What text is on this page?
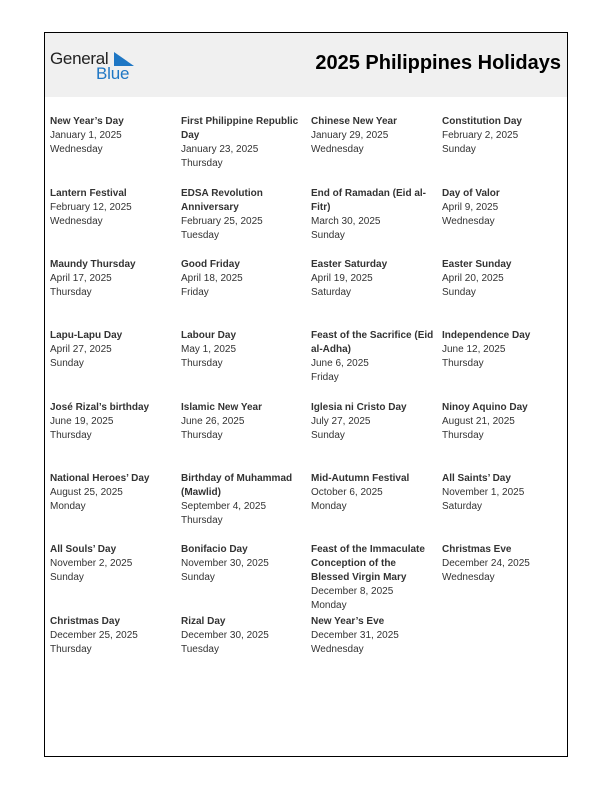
General
Blue	2025 Philippines Holidays
New Year’s Day
January 1, 2025
Wednesday
First Philippine Republic Day
January 23, 2025
Thursday
Chinese New Year
January 29, 2025
Wednesday
Constitution Day
February 2, 2025
Sunday
Lantern Festival
February 12, 2025
Wednesday
EDSA Revolution Anniversary
February 25, 2025
Tuesday
End of Ramadan (Eid al-Fitr)
March 30, 2025
Sunday
Day of Valor
April 9, 2025
Wednesday
Maundy Thursday
April 17, 2025
Thursday
Good Friday
April 18, 2025
Friday
Easter Saturday
April 19, 2025
Saturday
Easter Sunday
April 20, 2025
Sunday
Lapu-Lapu Day
April 27, 2025
Sunday
Labour Day
May 1, 2025
Thursday
Feast of the Sacrifice (Eid al-Adha)
June 6, 2025
Friday
Independence Day
June 12, 2025
Thursday
José Rizal’s birthday
June 19, 2025
Thursday
Islamic New Year
June 26, 2025
Thursday
Iglesia ni Cristo Day
July 27, 2025
Sunday
Ninoy Aquino Day
August 21, 2025
Thursday
National Heroes’ Day
August 25, 2025
Monday
Birthday of Muhammad (Mawlid)
September 4, 2025
Thursday
Mid-Autumn Festival
October 6, 2025
Monday
All Saints’ Day
November 1, 2025
Saturday
All Souls’ Day
November 2, 2025
Sunday
Bonifacio Day
November 30, 2025
Sunday
Feast of the Immaculate Conception of the Blessed Virgin Mary
December 8, 2025
Monday
Christmas Eve
December 24, 2025
Wednesday
Christmas Day
December 25, 2025
Thursday
Rizal Day
December 30, 2025
Tuesday
New Year’s Eve
December 31, 2025
Wednesday
